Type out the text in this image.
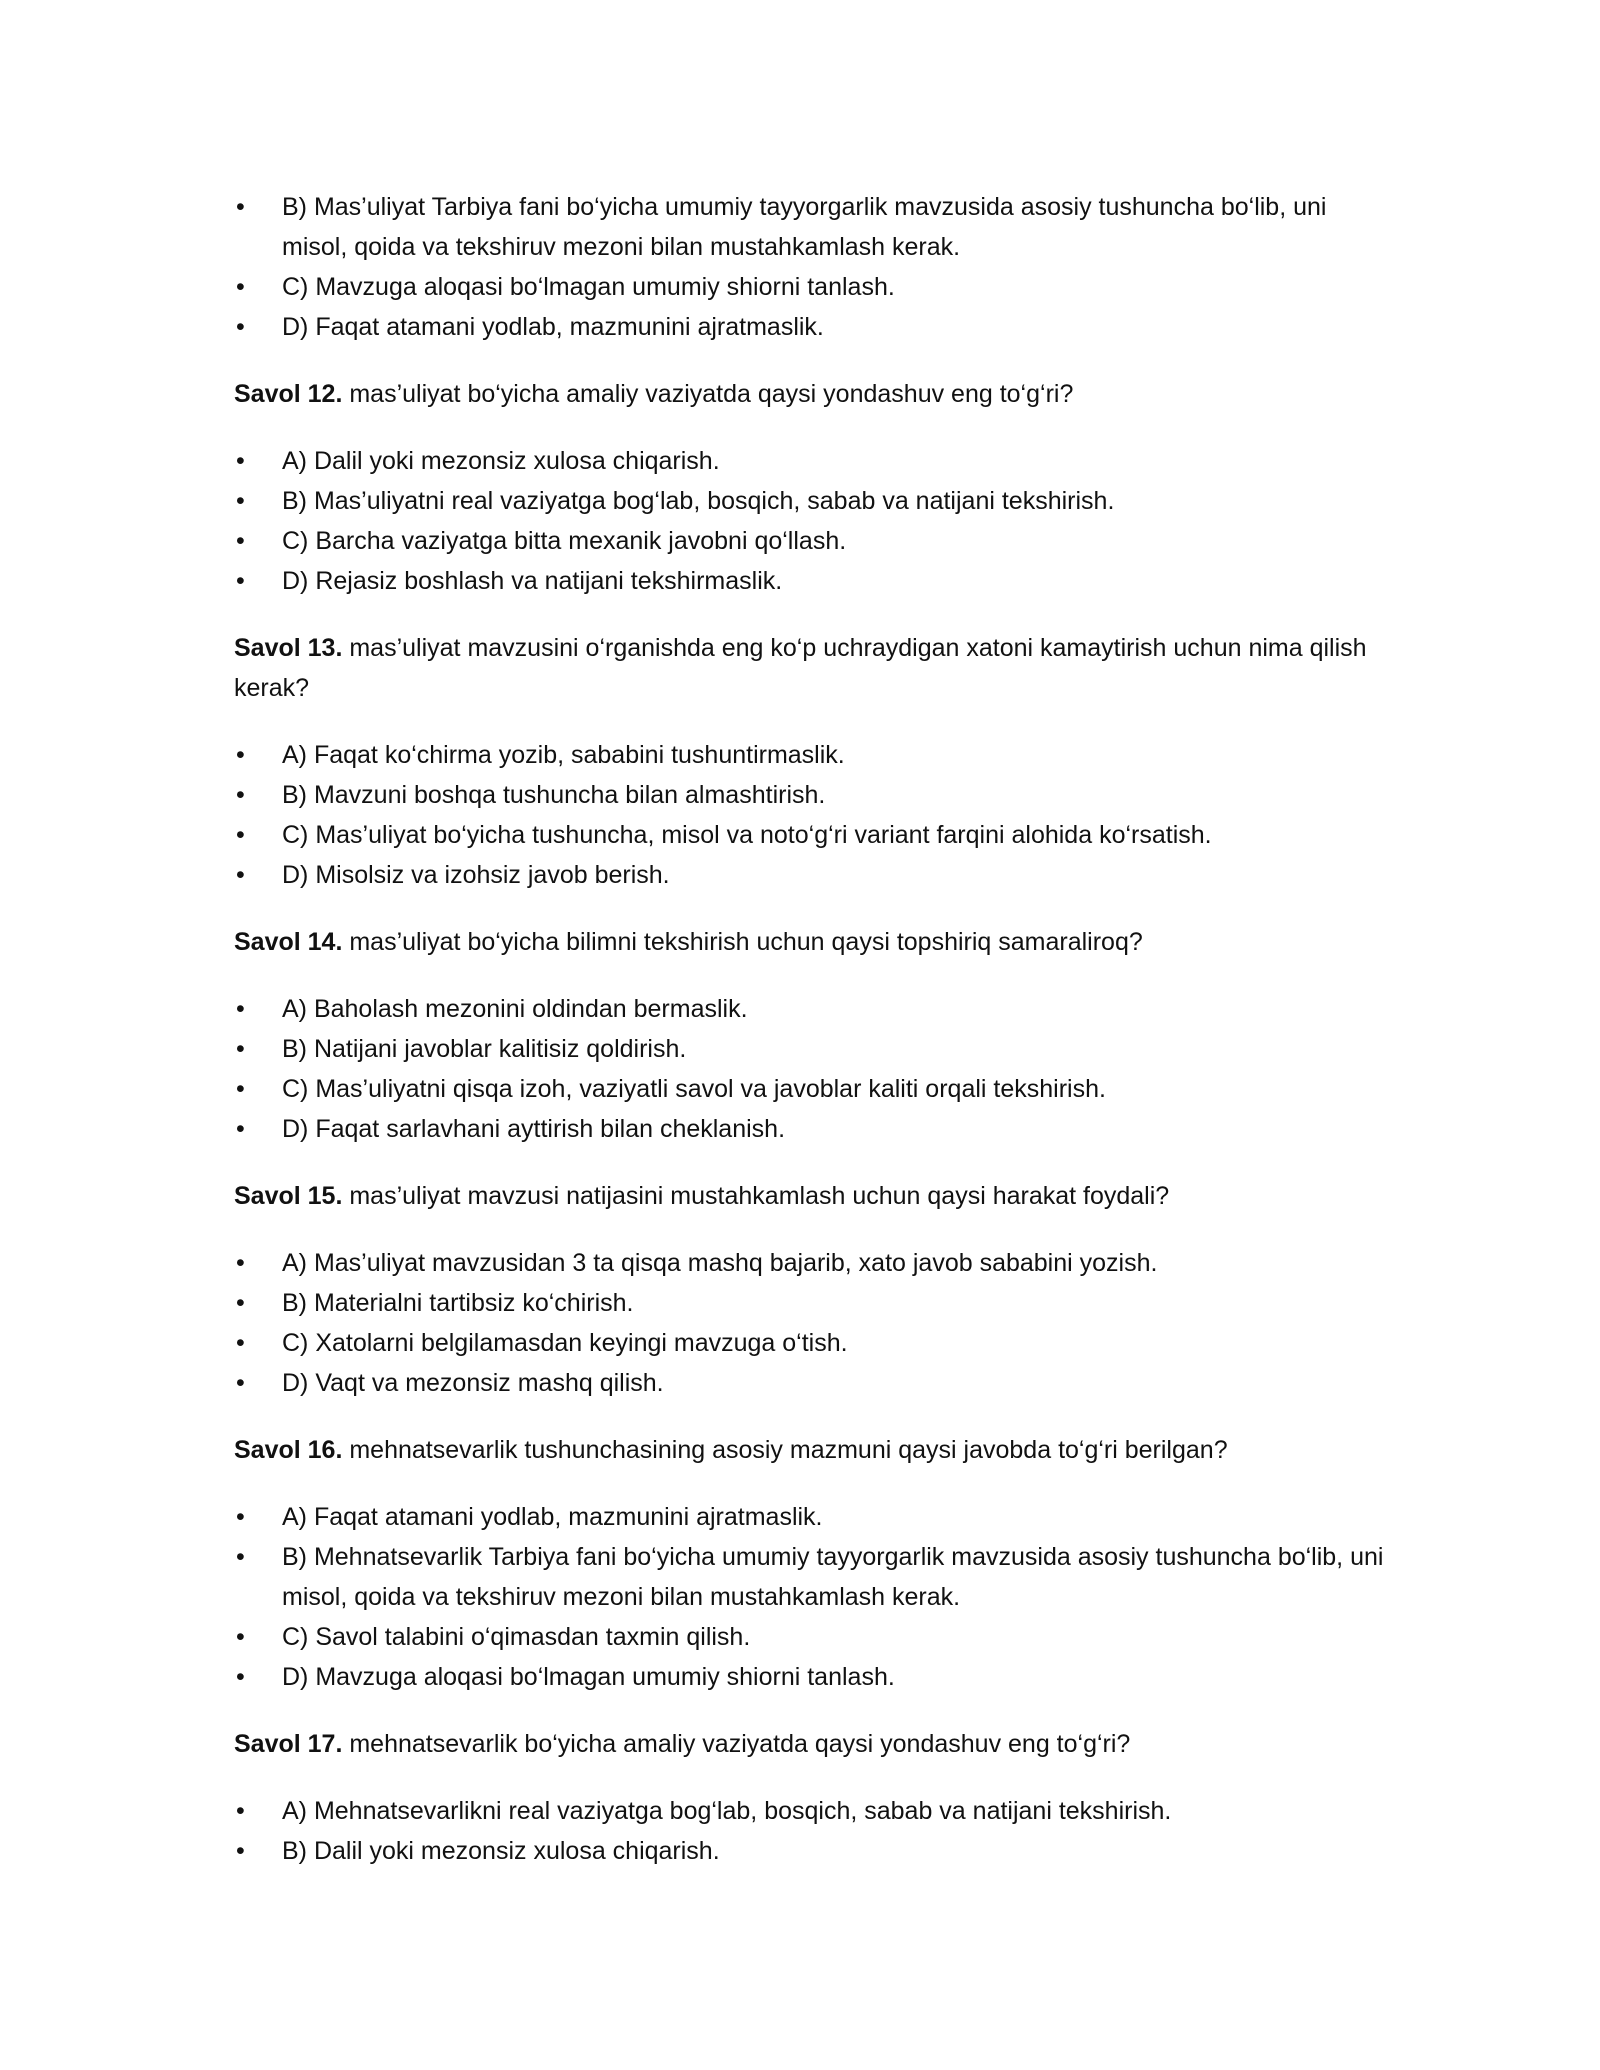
• B) Mas’uliyat Tarbiya fani bo‘yicha umumiy tayyorgarlik mavzusida asosiy tushuncha bo‘lib, uni misol, qoida va tekshiruv mezoni bilan mustahkamlash kerak.
• C) Mavzuga aloqasi bo‘lmagan umumiy shiorni tanlash.
• D) Faqat atamani yodlab, mazmunini ajratmaslik.

Savol 12. mas’uliyat bo‘yicha amaliy vaziyatda qaysi yondashuv eng to‘g‘ri?

• A) Dalil yoki mezonsiz xulosa chiqarish.
• B) Mas’uliyatni real vaziyatga bog‘lab, bosqich, sabab va natijani tekshirish.
• C) Barcha vaziyatga bitta mexanik javobni qo‘llash.
• D) Rejasiz boshlash va natijani tekshirmaslik.

Savol 13. mas’uliyat mavzusini o‘rganishda eng ko‘p uchraydigan xatoni kamaytirish uchun nima qilish kerak?

• A) Faqat ko‘chirma yozib, sababini tushuntirmaslik.
• B) Mavzuni boshqa tushuncha bilan almashtirish.
• C) Mas’uliyat bo‘yicha tushuncha, misol va noto‘g‘ri variant farqini alohida ko‘rsatish.
• D) Misolsiz va izohsiz javob berish.

Savol 14. mas’uliyat bo‘yicha bilimni tekshirish uchun qaysi topshiriq samaraliroq?

• A) Baholash mezonini oldindan bermaslik.
• B) Natijani javoblar kalitisiz qoldirish.
• C) Mas’uliyatni qisqa izoh, vaziyatli savol va javoblar kaliti orqali tekshirish.
• D) Faqat sarlavhani ayttirish bilan cheklanish.

Savol 15. mas’uliyat mavzusi natijasini mustahkamlash uchun qaysi harakat foydali?

• A) Mas’uliyat mavzusidan 3 ta qisqa mashq bajarib, xato javob sababini yozish.
• B) Materialni tartibsiz ko‘chirish.
• C) Xatolarni belgilamasdan keyingi mavzuga o‘tish.
• D) Vaqt va mezonsiz mashq qilish.

Savol 16. mehnatsevarlik tushunchasining asosiy mazmuni qaysi javobda to‘g‘ri berilgan?

• A) Faqat atamani yodlab, mazmunini ajratmaslik.
• B) Mehnatsevarlik Tarbiya fani bo‘yicha umumiy tayyorgarlik mavzusida asosiy tushuncha bo‘lib, uni misol, qoida va tekshiruv mezoni bilan mustahkamlash kerak.
• C) Savol talabini o‘qimasdan taxmin qilish.
• D) Mavzuga aloqasi bo‘lmagan umumiy shiorni tanlash.

Savol 17. mehnatsevarlik bo‘yicha amaliy vaziyatda qaysi yondashuv eng to‘g‘ri?

• A) Mehnatsevarlikni real vaziyatga bog‘lab, bosqich, sabab va natijani tekshirish.
• B) Dalil yoki mezonsiz xulosa chiqarish.
